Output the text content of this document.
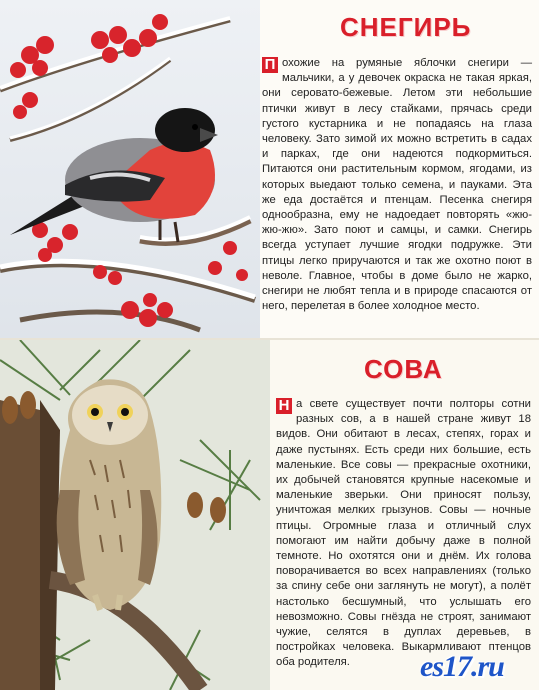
СНЕГИРЬ
П охожие на румяные яблочки снегири — мальчики, а у девочек окраска не такая яркая, они серовато-бежевые. Летом эти небольшие птички живут в лесу стайками, прячась среди густого кустарника и не попадаясь на глаза человеку. Зато зимой их можно встретить в садах и парках, где они надеются подкормиться. Питаются они растительным кормом, ягодами, из которых выедают только семена, и пауками. Эта же еда достаётся и птенцам. Песенка снегиря однообразна, ему не надоедает повторять «жю-жю-жю». Зато поют и самцы, и самки. Снегирь всегда уступает лучшие ягодки подружке. Эти птицы легко приручаются и так же охотно поют в неволе. Главное, чтобы в доме было не жарко, снегири не любят тепла и в природе спасаются от него, перелетая в более холодное место.
СОВА
Н а свете существует почти полторы сотни разных сов, а в нашей стране живут 18 видов. Они обитают в лесах, степях, горах и даже пустынях. Есть среди них большие, есть маленькие. Все совы — прекрасные охотники, их добычей становятся крупные насекомые и маленькие зверьки. Они приносят пользу, уничтожая мелких грызунов. Совы — ночные птицы. Огромные глаза и отличный слух помогают им найти добычу даже в полной темноте. Но охотятся они и днём. Их голова поворачивается во всех направлениях (только за спину себе они заглянуть не могут), а полёт настолько бесшумный, что услышать его невозможно. Совы гнёзда не строят, занимают чужие, селятся в дуплах деревьев, в постройках человека. Выкармливают птенцов оба родителя.	es17.ru
